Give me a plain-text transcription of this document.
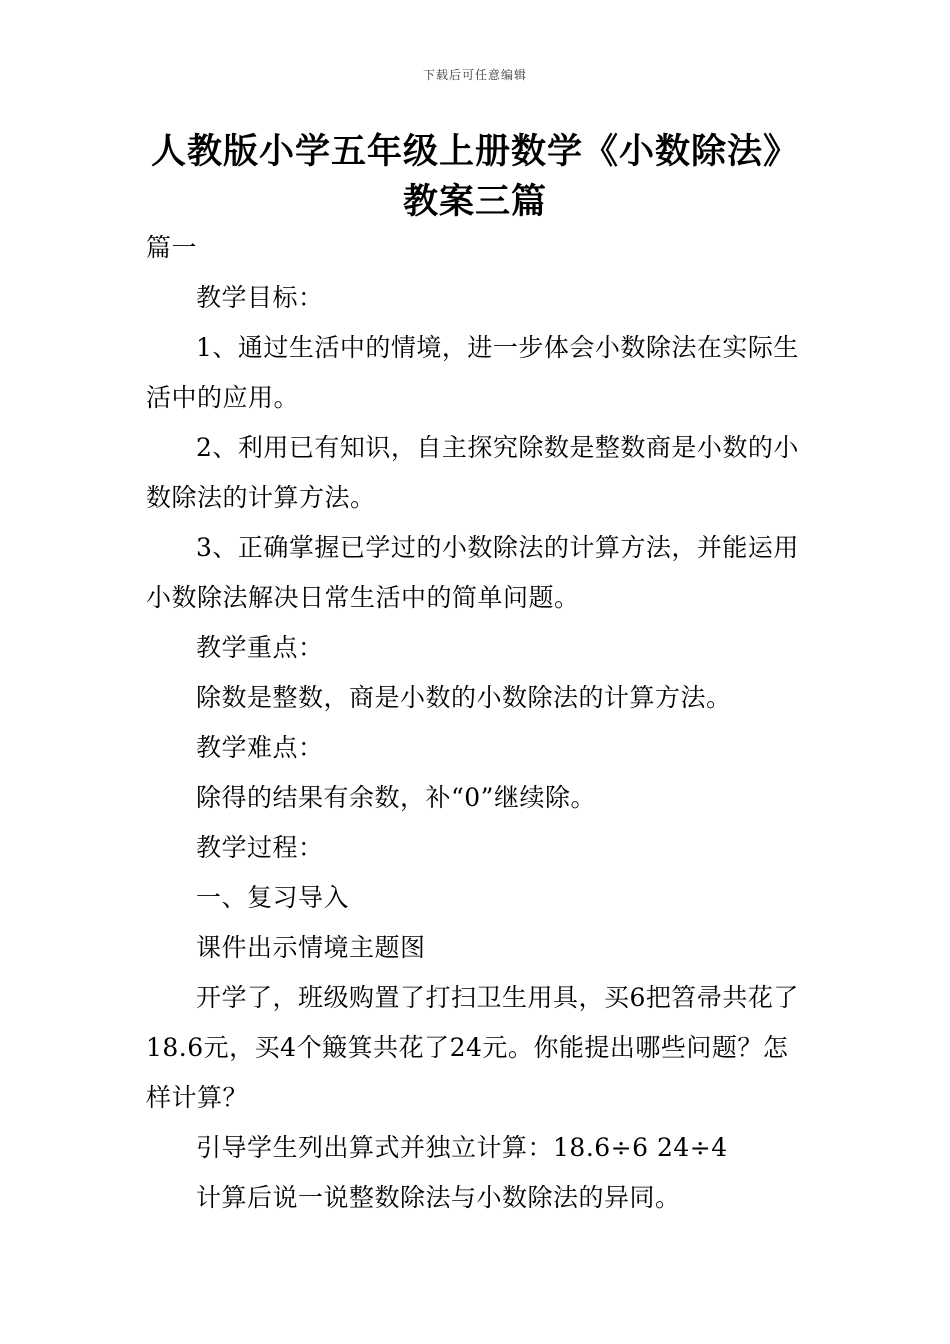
下载后可任意编辑
人教版小学五年级上册数学《小数除法》
教案三篇
篇一
教学目标：
1、通过生活中的情境，进一步体会小数除法在实际生
活中的应用。
2、利用已有知识，自主探究除数是整数商是小数的小
数除法的计算方法。
3、正确掌握已学过的小数除法的计算方法，并能运用
小数除法解决日常生活中的简单问题。
教学重点：
除数是整数，商是小数的小数除法的计算方法。
教学难点：
除得的结果有余数，补“0”继续除。
教学过程：
一、复习导入
课件出示情境主题图
开学了，班级购置了打扫卫生用具，买6把笤帚共花了
18.6元，买4个簸箕共花了24元。你能提出哪些问题？怎
样计算？
引导学生列出算式并独立计算：18.6÷6 24÷4
计算后说一说整数除法与小数除法的异同。
